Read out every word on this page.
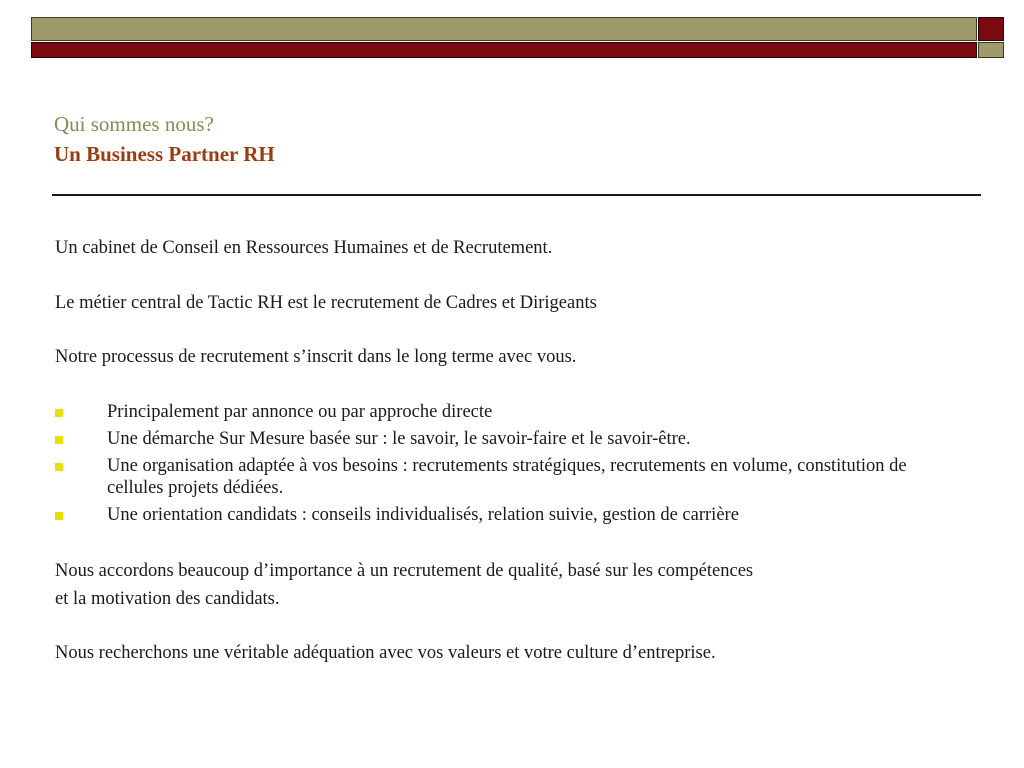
Qui sommes nous?
Un Business Partner RH
Un cabinet de Conseil en Ressources Humaines et de Recrutement.
Le métier central de Tactic RH est le recrutement de Cadres et Dirigeants
Notre processus de recrutement s’inscrit dans le long terme avec vous.
Principalement par annonce ou par approche directe
Une démarche Sur Mesure basée sur : le savoir, le savoir-faire et le savoir-être.
Une organisation adaptée à vos besoins : recrutements stratégiques, recrutements en volume, constitution de cellules projets dédiées.
Une orientation candidats : conseils individualisés, relation suivie, gestion de carrière
Nous accordons beaucoup d’importance à un recrutement de qualité, basé sur les compétences
et la motivation des candidats.
Nous recherchons une véritable adéquation avec vos valeurs et votre culture d’entreprise.
